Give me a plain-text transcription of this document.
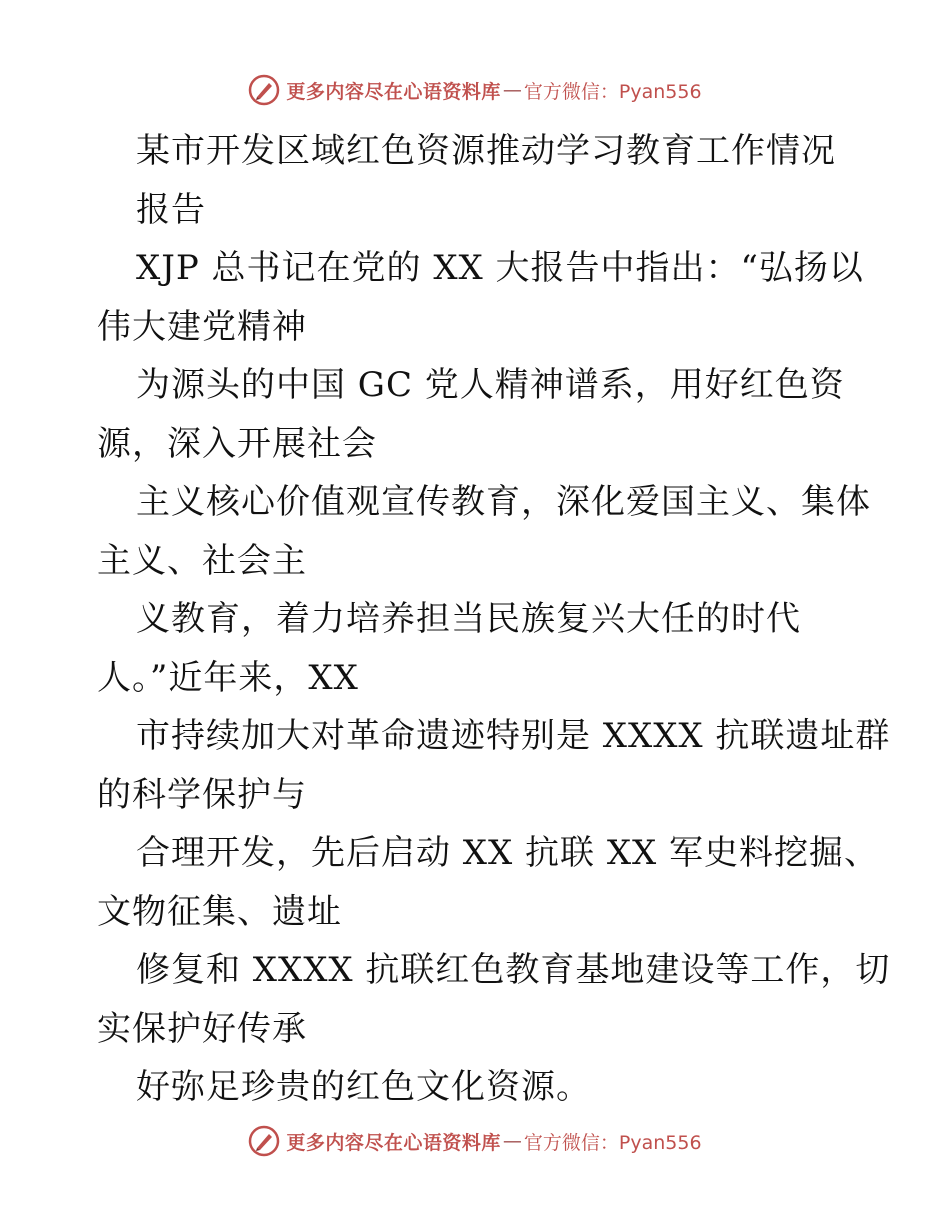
更多内容尽在心语资料库 — 官方微信：Pyan556
某市开发区域红色资源推动学习教育工作情况
报告
XJP 总书记在党的 XX 大报告中指出：“弘扬以
伟大建党精神
为源头的中国 GC 党人精神谱系，用好红色资
源，深入开展社会
主义核心价值观宣传教育，深化爱国主义、集体
主义、社会主
义教育，着力培养担当民族复兴大任的时代
人。”近年来，XX
市持续加大对革命遗迹特别是 XXXX 抗联遗址群
的科学保护与
合理开发，先后启动 XX 抗联 XX 军史料挖掘、
文物征集、遗址
修复和 XXXX 抗联红色教育基地建设等工作，切
实保护好传承
好弥足珍贵的红色文化资源。
更多内容尽在心语资料库 — 官方微信：Pyan556
